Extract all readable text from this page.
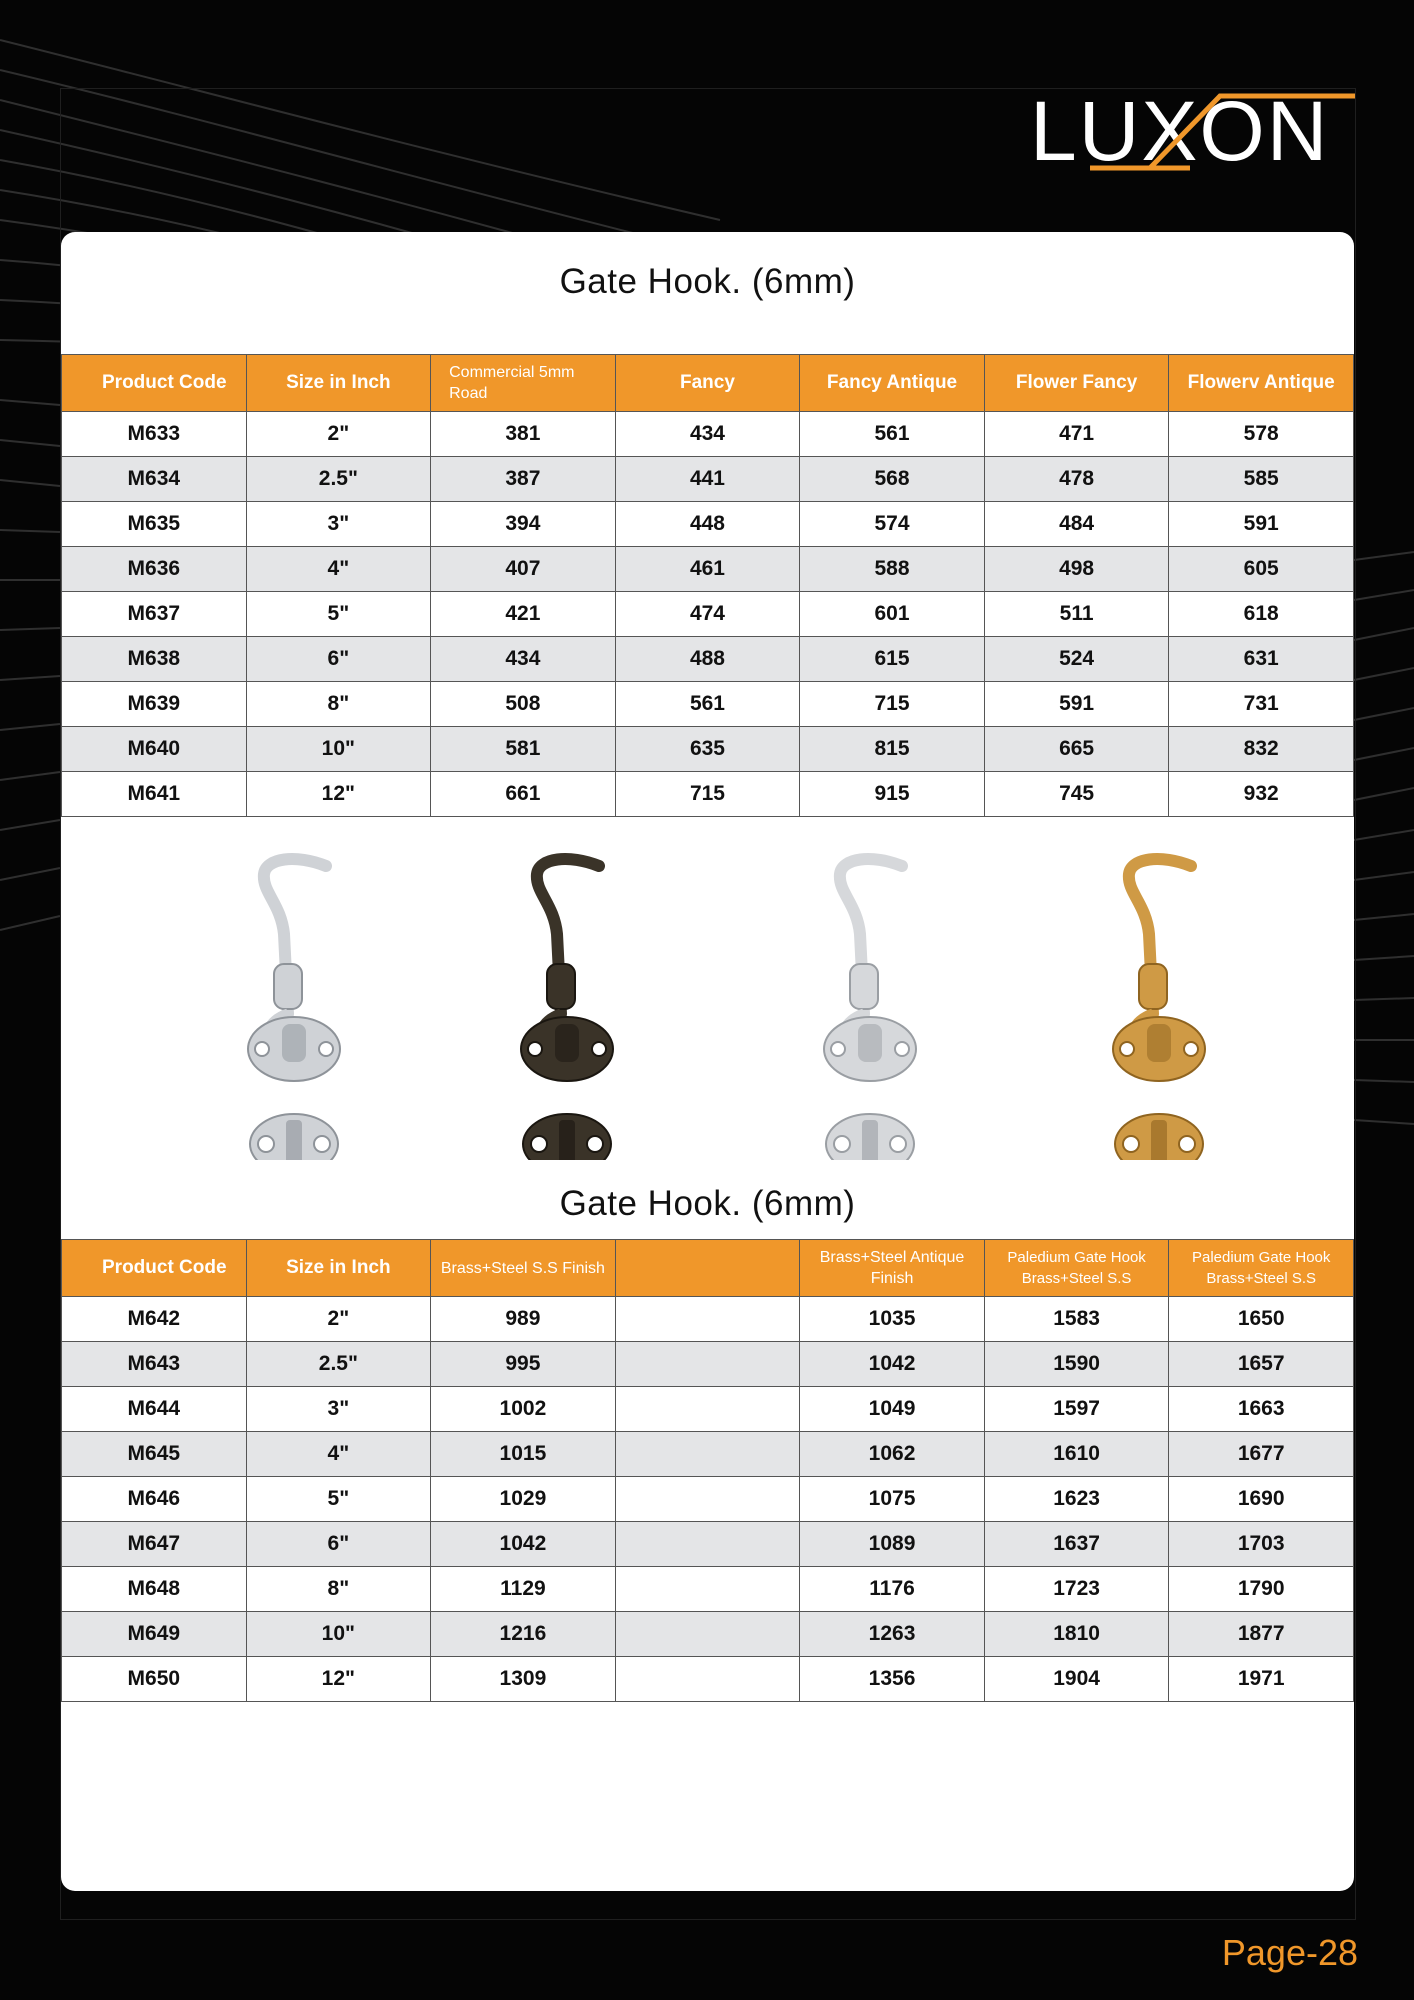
LUXON
Gate Hook. (6mm)
Product Code	Size in Inch	Commercial 5mm Road	Fancy	Fancy Antique	Flower Fancy	Flowerv Antique
M633	2"	381	434	561	471	578
M634	2.5"	387	441	568	478	585
M635	3"	394	448	574	484	591
M636	4"	407	461	588	498	605
M637	5"	421	474	601	511	618
M638	6"	434	488	615	524	631
M639	8"	508	561	715	591	731
M640	10"	581	635	815	665	832
M641	12"	661	715	915	745	932
Gate Hook. (6mm)
Product Code	Size in Inch	Brass+Steel S.S Finish		Brass+Steel Antique Finish	Paledium Gate Hook Brass+Steel S.S	Paledium Gate Hook Brass+Steel S.S
M642	2"	989		1035	1583	1650
M643	2.5"	995		1042	1590	1657
M644	3"	1002		1049	1597	1663
M645	4"	1015		1062	1610	1677
M646	5"	1029		1075	1623	1690
M647	6"	1042		1089	1637	1703
M648	8"	1129		1176	1723	1790
M649	10"	1216		1263	1810	1877
M650	12"	1309		1356	1904	1971
Page-28
